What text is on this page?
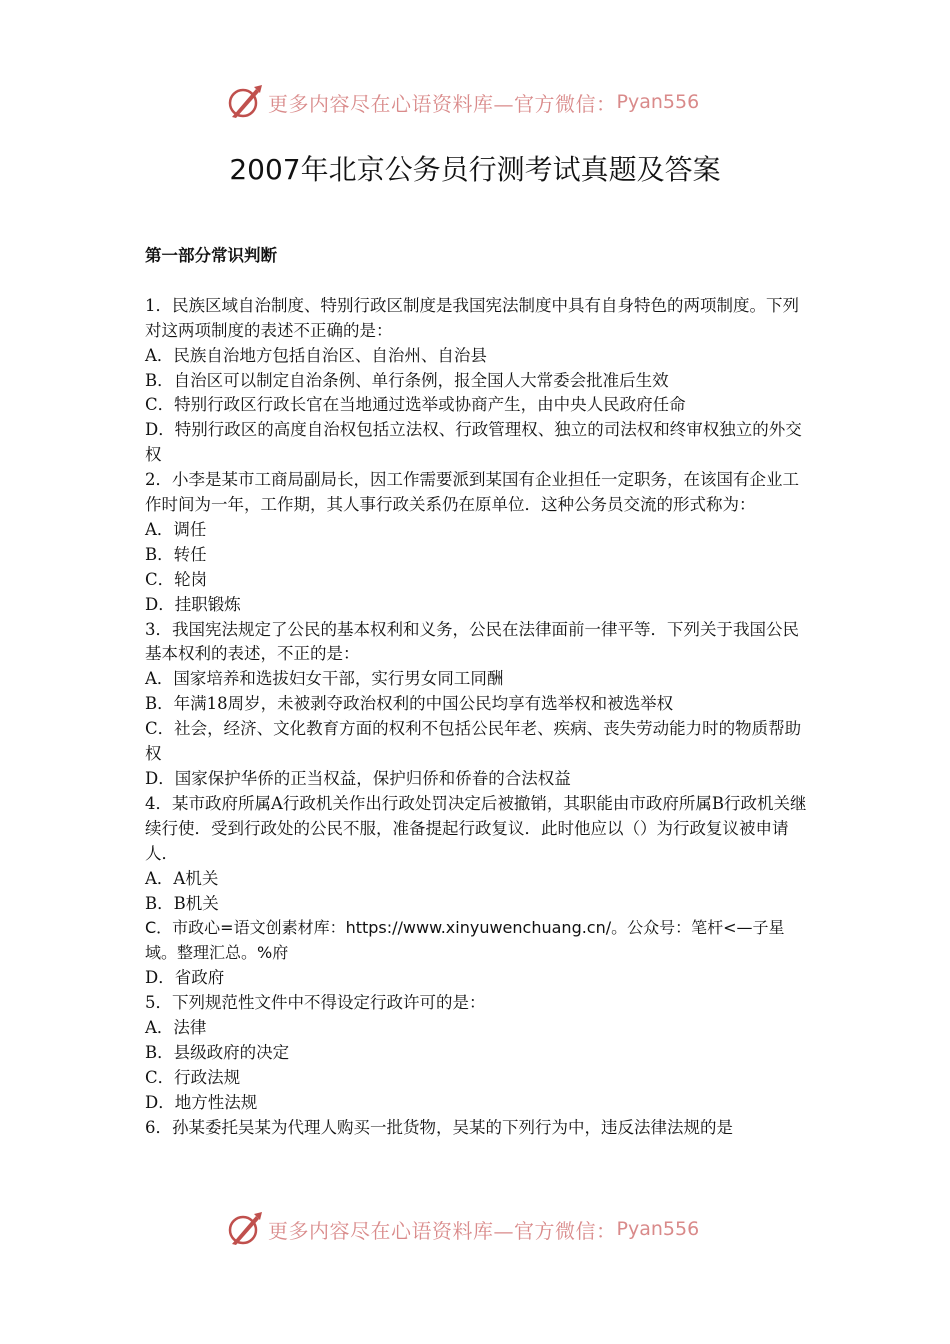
更多内容尽在心语资料库—官方微信： Pyan556
2007年北京公务员行测考试真题及答案
第一部分常识判断
1．民族区域自治制度、特别行政区制度是我国宪法制度中具有自身特色的两项制度。下列对这两项制度的表述不正确的是：
A．民族自治地方包括自治区、自治州、自治县
B．自治区可以制定自治条例、单行条例，报全国人大常委会批准后生效
C．特别行政区行政长官在当地通过选举或协商产生，由中央人民政府任命
D．特别行政区的高度自治权包括立法权、行政管理权、独立的司法权和终审权独立的外交权
2．小李是某市工商局副局长，因工作需要派到某国有企业担任一定职务，在该国有企业工作时间为一年，工作期，其人事行政关系仍在原单位．这种公务员交流的形式称为：
A．调任
B．转任
C．轮岗
D．挂职锻炼
3．我国宪法规定了公民的基本权利和义务，公民在法律面前一律平等．下列关于我国公民基本权利的表述，不正的是：
A．国家培养和选拔妇女干部，实行男女同工同酬
B．年满18周岁，未被剥夺政治权利的中国公民均享有选举权和被选举权
C．社会，经济、文化教育方面的权利不包括公民年老、疾病、丧失劳动能力时的物质帮助权
D．国家保护华侨的正当权益，保护归侨和侨眷的合法权益
4．某市政府所属A行政机关作出行政处罚决定后被撤销，其职能由市政府所属B行政机关继续行使．受到行政处的公民不服，准备提起行政复议．此时他应以（）为行政复议被申请人．
A．A机关
B．B机关
C．市政心=语文创素材库：https://www.xinyuwenchuang.cn/。公众号：笔杆<—子星域。整理汇总。%府
D．省政府
5．下列规范性文件中不得设定行政许可的是：
A．法律
B．县级政府的决定
C．行政法规
D．地方性法规
6．孙某委托吴某为代理人购买一批货物，吴某的下列行为中，违反法律法规的是
更多内容尽在心语资料库—官方微信： Pyan556
